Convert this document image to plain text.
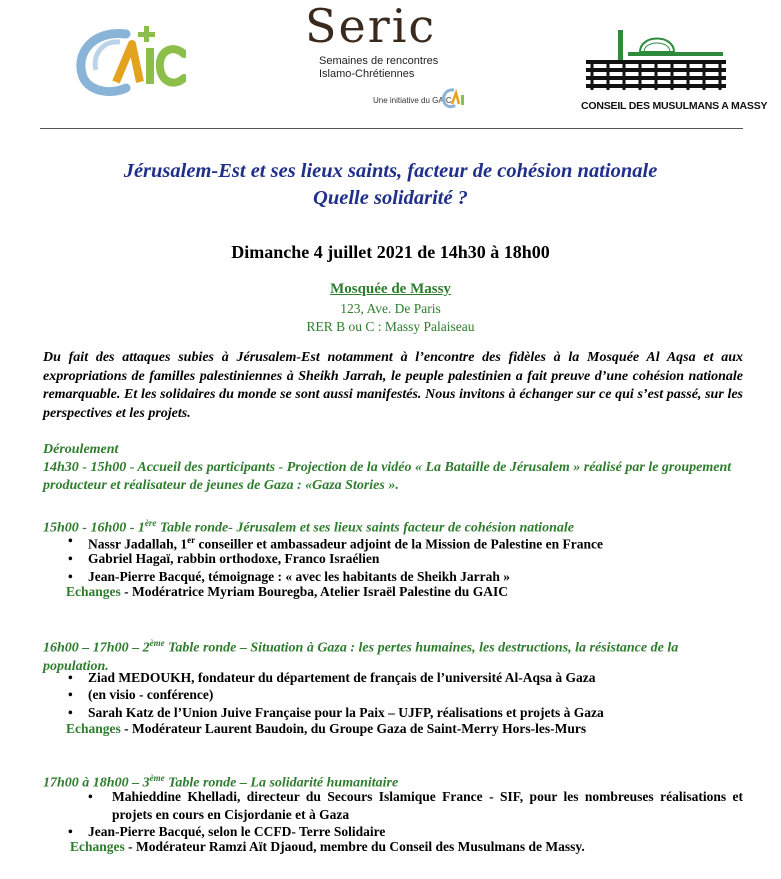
Seric
Semaines de rencontres
Islamo-Chrétiennes
Une initiative du GAIC	CONSEIL DES MUSULMANS A MASSY
Jérusalem-Est et ses lieux saints, facteur de cohésion nationale
Quelle solidarité ?
Dimanche 4 juillet 2021 de 14h30 à 18h00
Mosquée de Massy
123, Ave. De Paris
RER B ou C : Massy Palaiseau
Du fait des attaques subies à Jérusalem-Est notamment à l’encontre des fidèles à la Mosquée Al Aqsa et aux expropriations de familles palestiniennes à Sheikh Jarrah, le peuple palestinien a fait preuve d’une cohésion nationale remarquable. Et les solidaires du monde se sont aussi manifestés. Nous invitons à échanger sur ce qui s’est passé, sur les perspectives et les projets.
Déroulement
14h30 - 15h00 - Accueil des participants - Projection de la vidéo « La Bataille de Jérusalem » réalisé par le groupement producteur et réalisateur de jeunes de Gaza : «Gaza Stories ».
15h00 - 16h00 - 1ère Table ronde- Jérusalem et ses lieux saints facteur de cohésion nationale
• Nassr Jadallah, 1er conseiller et ambassadeur adjoint de la Mission de Palestine en France
• Gabriel Hagaï, rabbin orthodoxe, Franco Israélien
• Jean-Pierre Bacqué, témoignage : « avec les habitants de Sheikh Jarrah »
Echanges - Modératrice Myriam Bouregba, Atelier Israël Palestine du GAIC
16h00 – 17h00 – 2ème Table ronde – Situation à Gaza : les pertes humaines, les destructions, la résistance de la population.
• Ziad MEDOUKH, fondateur du département de français de l’université Al-Aqsa à Gaza
• (en visio - conférence)
• Sarah Katz de l’Union Juive Française pour la Paix – UJFP, réalisations et projets à Gaza
Echanges - Modérateur Laurent Baudoin, du Groupe Gaza de Saint-Merry Hors-les-Murs
17h00 à 18h00 – 3ème Table ronde – La solidarité humanitaire
• Mahieddine Khelladi, directeur du Secours Islamique France - SIF, pour les nombreuses réalisations et projets en cours en Cisjordanie et à Gaza
• Jean-Pierre Bacqué, selon le CCFD- Terre Solidaire
Echanges - Modérateur Ramzi Aït Djaoud, membre du Conseil des Musulmans de Massy.
